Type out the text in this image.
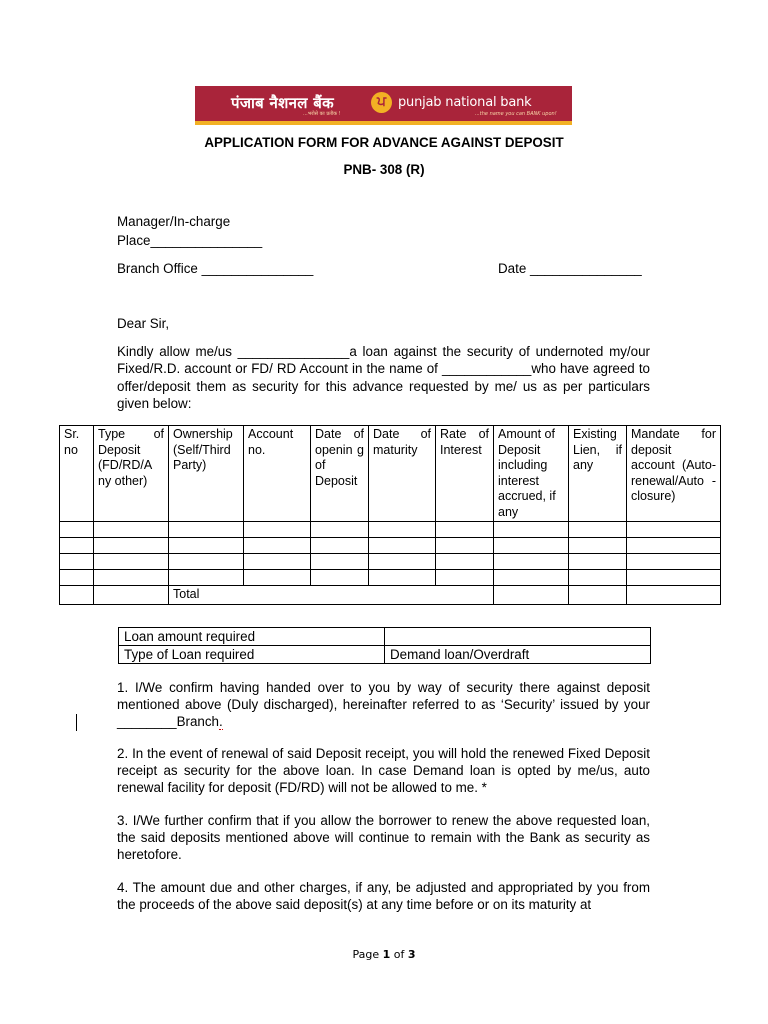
पंजाब नैशनल बैंक
...भरोसे का प्रतीक !
ਪ punjab national bank
...the name you can BANK upon!
APPLICATION FORM FOR ADVANCE AGAINST DEPOSIT
PNB- 308 (R)
Manager/In-charge
Place_______________
Branch Office _______________	Date _______________
Dear Sir,
Kindly allow me/us _______________a loan against the security of undernoted my/our Fixed/R.D. account or FD/ RD Account in the name of ____________who have agreed to offer/deposit them as security for this advance requested by me/ us as per particulars given below:
Sr. no	Type of Deposit (FD/RD/A ny other)	Ownership (Self/Third Party)	Account no.	Date of openin g of Deposit	Date of maturity	Rate of Interest	Amount of Deposit including interest accrued, if any	Existing Lien, if any	Mandate for deposit account (Auto-renewal/Auto -closure)

		Total							
Loan amount required	
Type of Loan required	Demand loan/Overdraft
1. I/We confirm having handed over to you by way of security there against deposit mentioned above (Duly discharged), hereinafter referred to as ‘Security’ issued by your ________Branch.
2. In the event of renewal of said Deposit receipt, you will hold the renewed Fixed Deposit receipt as security for the above loan. In case Demand loan is opted by me/us, auto renewal facility for deposit (FD/RD) will not be allowed to me. *
3. I/We further confirm that if you allow the borrower to renew the above requested loan, the said deposits mentioned above will continue to remain with the Bank as security as heretofore.
4. The amount due and other charges, if any, be adjusted and appropriated by you from the proceeds of the above said deposit(s) at any time before or on its maturity at
Page 1 of 3
